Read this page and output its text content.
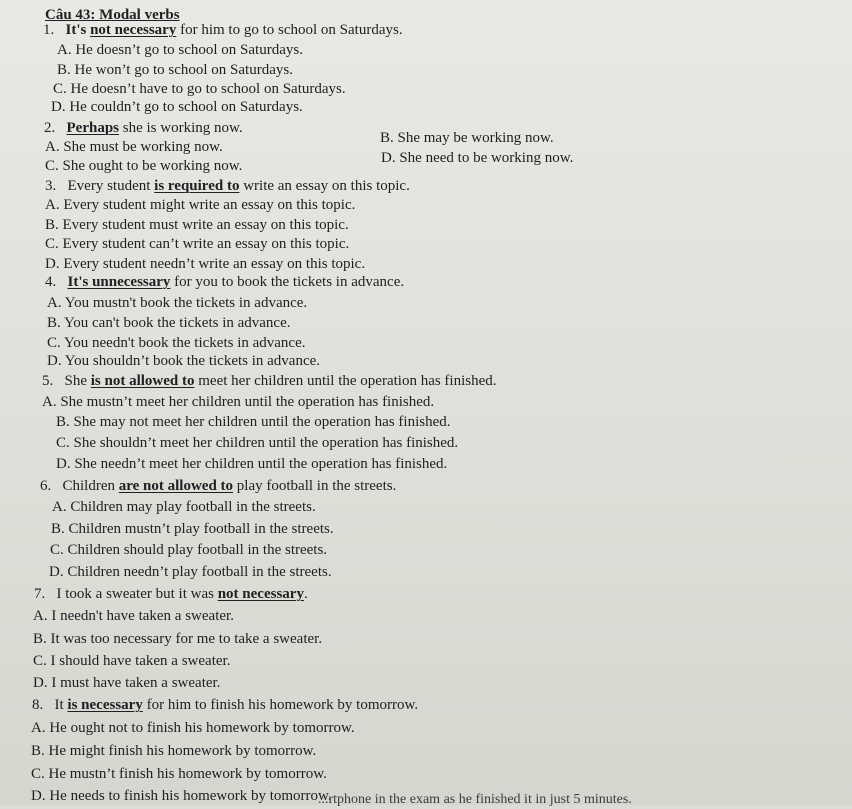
Câu 43: Modal verbs
1. It's not necessary for him to go to school on Saturdays.
A. He doesn’t go to school on Saturdays.
B. He won’t go to school on Saturdays.
C. He doesn’t have to go to school on Saturdays.
D. He couldn’t go to school on Saturdays.
2. Perhaps she is working now.
A. She must be working now.
B. She may be working now.
C. She ought to be working now.	D. She need to be working now.
3. Every student is required to write an essay on this topic.
A. Every student might write an essay on this topic.
B. Every student must write an essay on this topic.
C. Every student can’t write an essay on this topic.
D. Every student needn’t write an essay on this topic.
4. It's unnecessary for you to book the tickets in advance.
A. You mustn't book the tickets in advance.
B. You can't book the tickets in advance.
C. You needn't book the tickets in advance.
D. You shouldn’t book the tickets in advance.
5. She is not allowed to meet her children until the operation has finished.
A. She mustn’t meet her children until the operation has finished.
B. She may not meet her children until the operation has finished.
C. She shouldn’t meet her children until the operation has finished.
D. She needn’t meet her children until the operation has finished.
6. Children are not allowed to play football in the streets.
A. Children may play football in the streets.
B. Children mustn’t play football in the streets.
C. Children should play football in the streets.
D. Children needn’t play football in the streets.
7. I took a sweater but it was not necessary.
A. I needn't have taken a sweater.
B. It was too necessary for me to take a sweater.
C. I should have taken a sweater.
D. I must have taken a sweater.
8. It is necessary for him to finish his homework by tomorrow.
A. He ought not to finish his homework by tomorrow.
B. He might finish his homework by tomorrow.
C. He mustn’t finish his homework by tomorrow.
D. He needs to finish his homework by tomorrow.
...rtphone in the exam as he finished it in just 5 minutes.
